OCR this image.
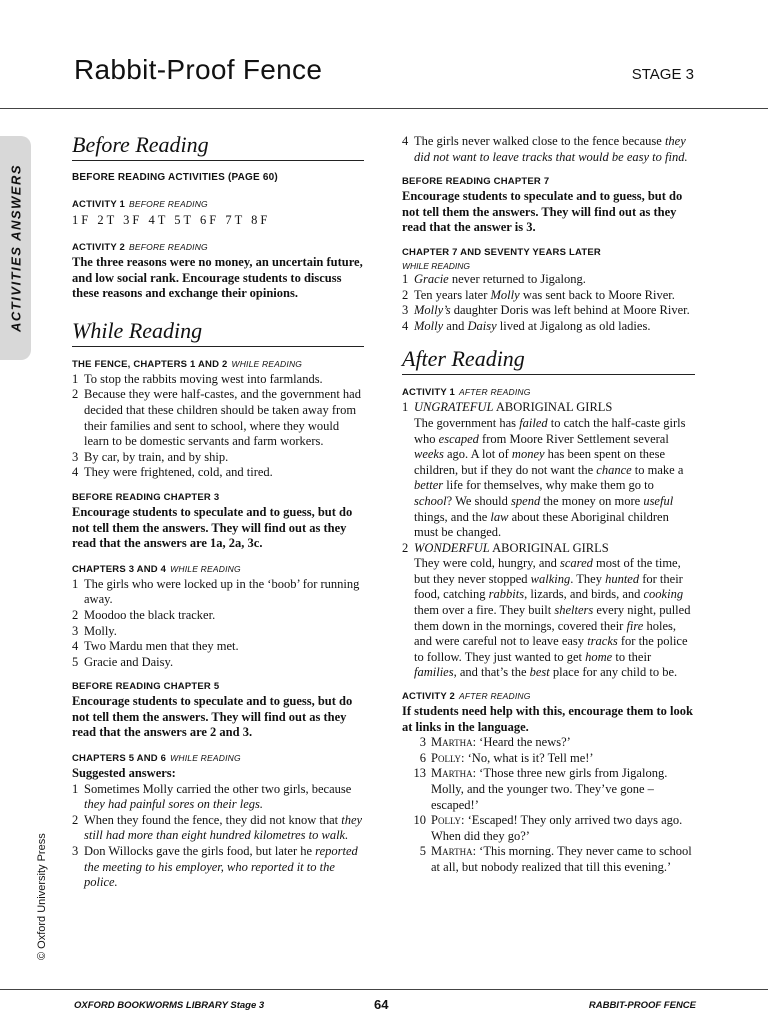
Rabbit-Proof Fence	STAGE 3
ACTIVITIES ANSWERS
© Oxford University Press
Before Reading
BEFORE READING ACTIVITIES (PAGE 60)
ACTIVITY 1 BEFORE READING
1F 2T 3F 4T 5T 6F 7T 8F
ACTIVITY 2 BEFORE READING
The three reasons were no money, an uncertain future, and low social rank. Encourage students to discuss these reasons and exchange their opinions.
While Reading
THE FENCE, CHAPTERS 1 AND 2 WHILE READING
1 To stop the rabbits moving west into farmlands.
2 Because they were half-castes, and the government had decided that these children should be taken away from their families and sent to school, where they would learn to be domestic servants and farm workers.
3 By car, by train, and by ship.
4 They were frightened, cold, and tired.
BEFORE READING CHAPTER 3
Encourage students to speculate and to guess, but do not tell them the answers. They will find out as they read that the answers are 1a, 2a, 3c.
CHAPTERS 3 AND 4 WHILE READING
1 The girls who were locked up in the ‘boob’ for running away.
2 Moodoo the black tracker.
3 Molly.
4 Two Mardu men that they met.
5 Gracie and Daisy.
BEFORE READING CHAPTER 5
Encourage students to speculate and to guess, but do not tell them the answers. They will find out as they read that the answers are 2 and 3.
CHAPTERS 5 AND 6 WHILE READING
Suggested answers:
1 Sometimes Molly carried the other two girls, because they had painful sores on their legs.
2 When they found the fence, they did not know that they still had more than eight hundred kilometres to walk.
3 Don Willocks gave the girls food, but later he reported the meeting to his employer, who reported it to the police.
4 The girls never walked close to the fence because they did not want to leave tracks that would be easy to find.
BEFORE READING CHAPTER 7
Encourage students to speculate and to guess, but do not tell them the answers. They will find out as they read that the answer is 3.
CHAPTER 7 AND SEVENTY YEARS LATER
WHILE READING
1 Gracie never returned to Jigalong.
2 Ten years later Molly was sent back to Moore River.
3 Molly’s daughter Doris was left behind at Moore River.
4 Molly and Daisy lived at Jigalong as old ladies.
After Reading
ACTIVITY 1 AFTER READING
1 UNGRATEFUL ABORIGINAL GIRLS
The government has failed to catch the half-caste girls who escaped from Moore River Settlement several weeks ago. A lot of money has been spent on these children, but if they do not want the chance to make a better life for themselves, why make them go to school? We should spend the money on more useful things, and the law about these Aboriginal children must be changed.
2 WONDERFUL ABORIGINAL GIRLS
They were cold, hungry, and scared most of the time, but they never stopped walking. They hunted for their food, catching rabbits, lizards, and birds, and cooking them over a fire. They built shelters every night, pulled them down in the mornings, covered their fire holes, and were careful not to leave easy tracks for the police to follow. They just wanted to get home to their families, and that’s the best place for any child to be.
ACTIVITY 2 AFTER READING
If students need help with this, encourage them to look at links in the language.
3 Martha: ‘Heard the news?’
6 Polly: ‘No, what is it? Tell me!’
13 Martha: ‘Those three new girls from Jigalong. Molly, and the younger two. They’ve gone – escaped!’
10 Polly: ‘Escaped! They only arrived two days ago. When did they go?’
5 Martha: ‘This morning. They never came to school at all, but nobody realized that till this evening.’
OXFORD BOOKWORMS LIBRARY Stage 3	64	RABBIT-PROOF FENCE
